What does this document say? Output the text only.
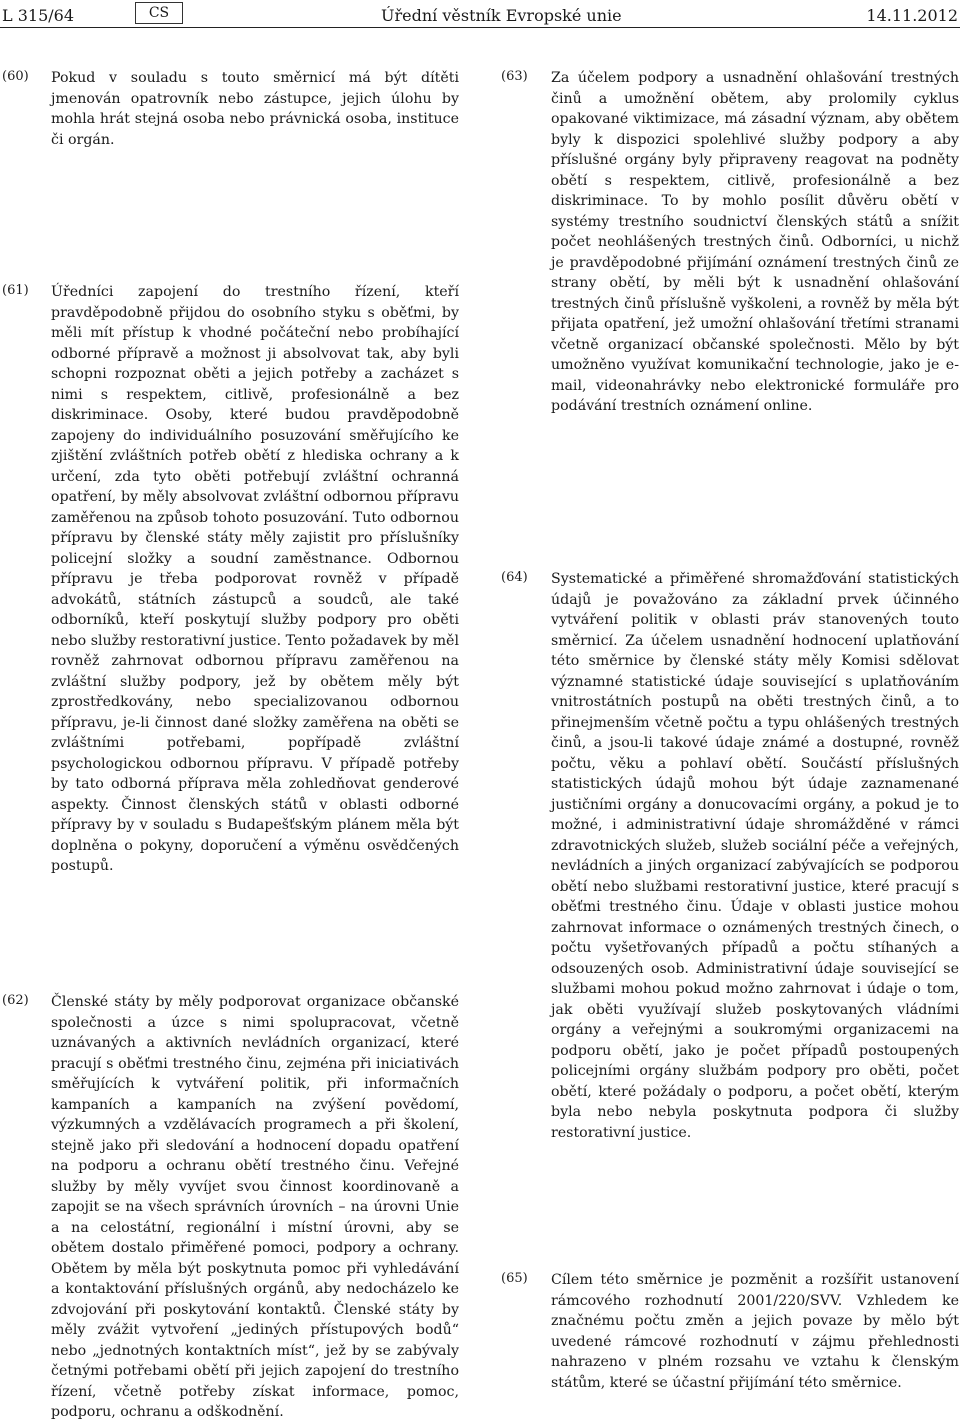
L 315/64	CS	Úřední věstník Evropské unie	14.11.2012
(60) Pokud v souladu s touto směrnicí má být dítěti jmenován opatrovník nebo zástupce, jejich úlohu by mohla hrát stejná osoba nebo právnická osoba, instituce či orgán.
(61) Úředníci zapojení do trestního řízení, kteří pravděpodobně přijdou do osobního styku s oběťmi, by měli mít přístup k vhodné počáteční nebo probíhající odborné přípravě a možnost ji absolvovat tak, aby byli schopni rozpoznat oběti a jejich potřeby a zacházet s nimi s respektem, citlivě, profesionálně a bez diskriminace. Osoby, které budou pravděpodobně zapojeny do individuálního posuzování směřujícího ke zjištění zvláštních potřeb obětí z hlediska ochrany a k určení, zda tyto oběti potřebují zvláštní ochranná opatření, by měly absolvovat zvláštní odbornou přípravu zaměřenou na způsob tohoto posuzování. Tuto odbornou přípravu by členské státy měly zajistit pro příslušníky policejní složky a soudní zaměstnance. Odbornou přípravu je třeba podporovat rovněž v případě advokátů, státních zástupců a soudců, ale také odborníků, kteří poskytují služby podpory pro oběti nebo služby restorativní justice. Tento požadavek by měl rovněž zahrnovat odbornou přípravu zaměřenou na zvláštní služby podpory, jež by obětem měly být zprostředkovány, nebo specializovanou odbornou přípravu, je-li činnost dané složky zaměřena na oběti se zvláštními potřebami, popřípadě zvláštní psychologickou odbornou přípravu. V případě potřeby by tato odborná příprava měla zohledňovat genderové aspekty. Činnost členských států v oblasti odborné přípravy by v souladu s Budapešťským plánem měla být doplněna o pokyny, doporučení a výměnu osvědčených postupů.
(62) Členské státy by měly podporovat organizace občanské společnosti a úzce s nimi spolupracovat, včetně uznávaných a aktivních nevládních organizací, které pracují s oběťmi trestného činu, zejména při iniciativách směřujících k vytváření politik, při informačních kampaních a kampaních na zvýšení povědomí, výzkumných a vzdělávacích programech a při školení, stejně jako při sledování a hodnocení dopadu opatření na podporu a ochranu obětí trestného činu. Veřejné služby by měly vyvíjet svou činnost koordinovaně a zapojit se na všech správních úrovních – na úrovni Unie a na celostátní, regionální i místní úrovni, aby se obětem dostalo přiměřené pomoci, podpory a ochrany. Obětem by měla být poskytnuta pomoc při vyhledávání a kontaktování příslušných orgánů, aby nedocházelo ke zdvojování při poskytování kontaktů. Členské státy by měly zvážit vytvoření „jediných přístupových bodů“ nebo „jednotných kontaktních míst“, jež by se zabývaly četnými potřebami obětí při jejich zapojení do trestního řízení, včetně potřeby získat informace, pomoc, podporu, ochranu a odškodnění.
(63) Za účelem podpory a usnadnění ohlašování trestných činů a umožnění obětem, aby prolomily cyklus opakované viktimizace, má zásadní význam, aby obětem byly k dispozici spolehlivé služby podpory a aby příslušné orgány byly připraveny reagovat na podněty obětí s respektem, citlivě, profesionálně a bez diskriminace. To by mohlo posílit důvěru obětí v systémy trestního soudnictví členských států a snížit počet neohlášených trestných činů. Odborníci, u nichž je pravděpodobné přijímání oznámení trestných činů ze strany obětí, by měli být k usnadnění ohlašování trestných činů příslušně vyškoleni, a rovněž by měla být přijata opatření, jež umožní ohlašování třetími stranami včetně organizací občanské společnosti. Mělo by být umožněno využívat komunikační technologie, jako je e-mail, videonahrávky nebo elektronické formuláře pro podávání trestních oznámení online.
(64) Systematické a přiměřené shromažďování statistických údajů je považováno za základní prvek účinného vytváření politik v oblasti práv stanovených touto směrnicí. Za účelem usnadnění hodnocení uplatňování této směrnice by členské státy měly Komisi sdělovat významné statistické údaje související s uplatňováním vnitrostátních postupů na oběti trestných činů, a to přinejmenším včetně počtu a typu ohlášených trestných činů, a jsou-li takové údaje známé a dostupné, rovněž počtu, věku a pohlaví obětí. Součástí příslušných statistických údajů mohou být údaje zaznamenané justičními orgány a donucovacími orgány, a pokud je to možné, i administrativní údaje shromážděné v rámci zdravotnických služeb, služeb sociální péče a veřejných, nevládních a jiných organizací zabývajících se podporou obětí nebo službami restorativní justice, které pracují s oběťmi trestného činu. Údaje v oblasti justice mohou zahrnovat informace o oznámených trestných činech, o počtu vyšetřovaných případů a počtu stíhaných a odsouzených osob. Administrativní údaje související se službami mohou pokud možno zahrnovat i údaje o tom, jak oběti využívají služeb poskytovaných vládními orgány a veřejnými a soukromými organizacemi na podporu obětí, jako je počet případů postoupených policejními orgány službám podpory pro oběti, počet obětí, které požádaly o podporu, a počet obětí, kterým byla nebo nebyla poskytnuta podpora či služby restorativní justice.
(65) Cílem této směrnice je pozměnit a rozšířit ustanovení rámcového rozhodnutí 2001/220/SVV. Vzhledem ke značnému počtu změn a jejich povaze by mělo být uvedené rámcové rozhodnutí v zájmu přehlednosti nahrazeno v plném rozsahu ve vztahu k členským státům, které se účastní přijímání této směrnice.
